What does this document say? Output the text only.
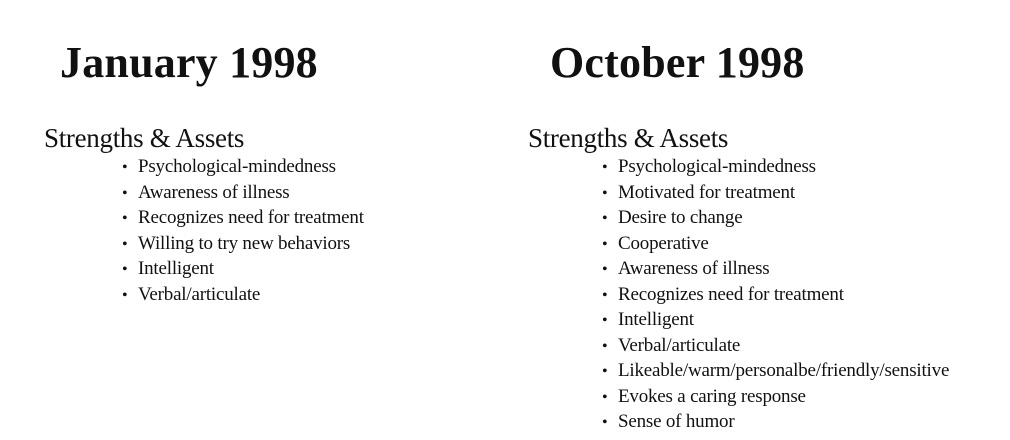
January 1998
Strengths & Assets
• Psychological-mindedness
• Awareness of illness
• Recognizes need for treatment
• Willing to try new behaviors
• Intelligent
• Verbal/articulate
October 1998
Strengths & Assets
• Psychological-mindedness
• Motivated for treatment
• Desire to change
• Cooperative
• Awareness of illness
• Recognizes need for treatment
• Intelligent
• Verbal/articulate
• Likeable/warm/personalbe/friendly/sensitive
• Evokes a caring response
• Sense of humor
